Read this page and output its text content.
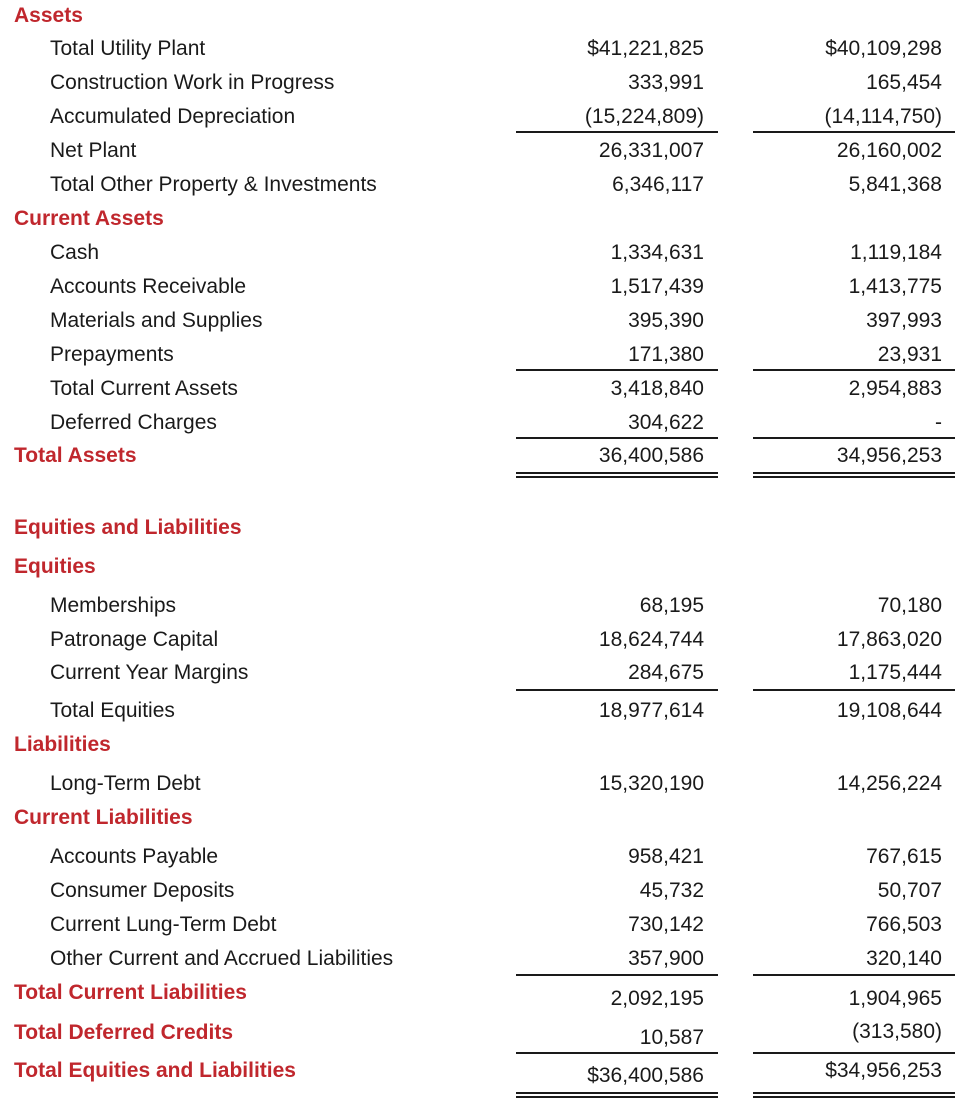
Assets
Total Utility Plant	$41,221,825	$40,109,298
Construction Work in Progress	333,991	165,454
Accumulated Depreciation	(15,224,809)	(14,114,750)
Net Plant	26,331,007	26,160,002
Total Other Property & Investments	6,346,117	5,841,368
Current Assets
Cash	1,334,631	1,119,184
Accounts Receivable	1,517,439	1,413,775
Materials and Supplies	395,390	397,993
Prepayments	171,380	23,931
Total Current Assets	3,418,840	2,954,883
Deferred Charges	304,622	-
Total Assets	36,400,586	34,956,253
Equities and Liabilities
Equities
Memberships	68,195	70,180
Patronage Capital	18,624,744	17,863,020
Current Year Margins	284,675	1,175,444
Total Equities	18,977,614	19,108,644
Liabilities
Long-Term Debt	15,320,190	14,256,224
Current Liabilities
Accounts Payable	958,421	767,615
Consumer Deposits	45,732	50,707
Current Lung-Term Debt	730,142	766,503
Other Current and Accrued Liabilities	357,900	320,140
Total Current Liabilities	2,092,195	1,904,965
Total Deferred Credits	10,587	(313,580)
Total Equities and Liabilities	$36,400,586	$34,956,253
